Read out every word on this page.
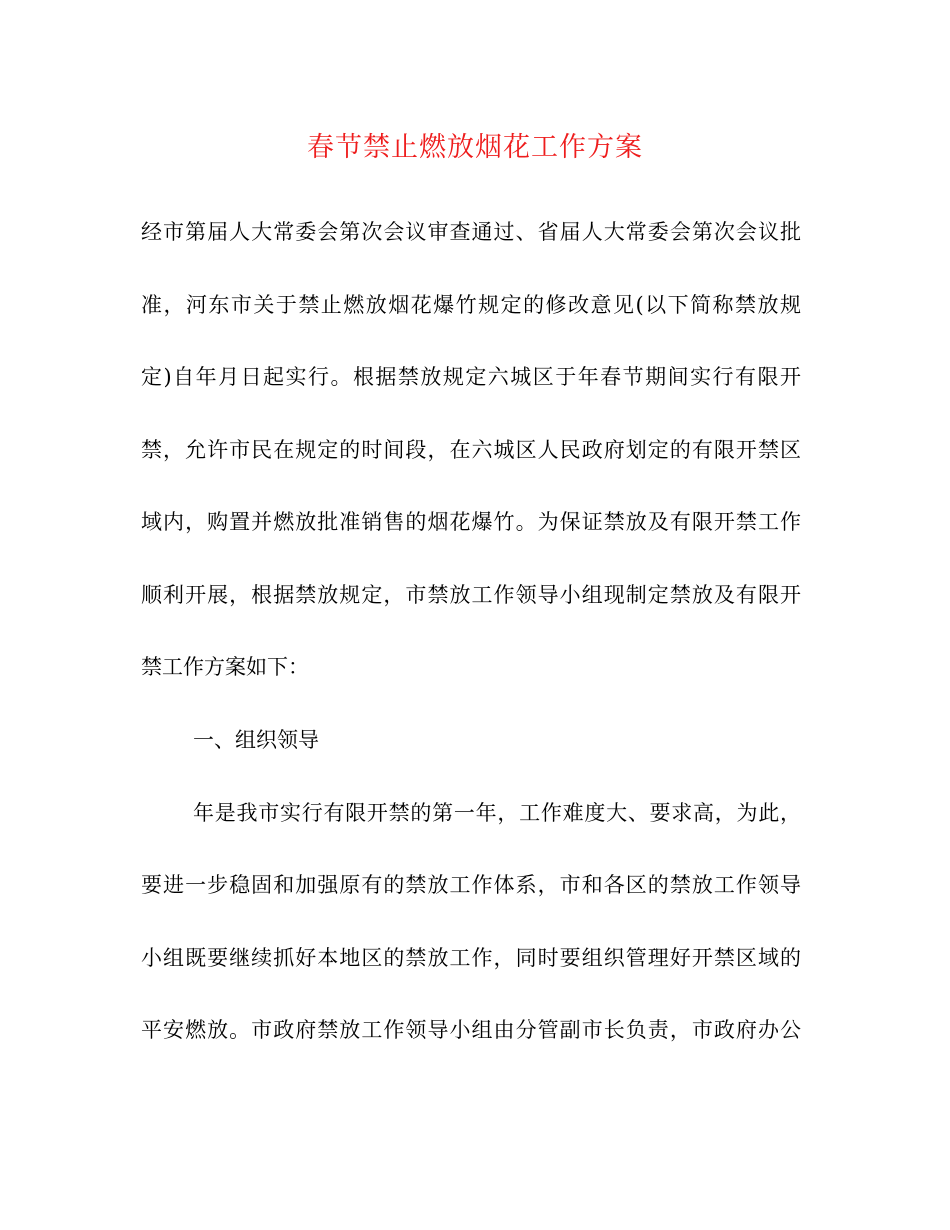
春节禁止燃放烟花工作方案
经市第届人大常委会第次会议审查通过、省届人大常委会第次会议批
准，河东市关于禁止燃放烟花爆竹规定的修改意见(以下简称禁放规
定)自年月日起实行。根据禁放规定六城区于年春节期间实行有限开
禁，允许市民在规定的时间段，在六城区人民政府划定的有限开禁区
域内，购置并燃放批准销售的烟花爆竹。为保证禁放及有限开禁工作
顺利开展，根据禁放规定，市禁放工作领导小组现制定禁放及有限开
禁工作方案如下：
一、组织领导
年是我市实行有限开禁的第一年，工作难度大、要求高，为此，
要进一步稳固和加强原有的禁放工作体系，市和各区的禁放工作领导
小组既要继续抓好本地区的禁放工作，同时要组织管理好开禁区域的
平安燃放。市政府禁放工作领导小组由分管副市长负责，市政府办公
